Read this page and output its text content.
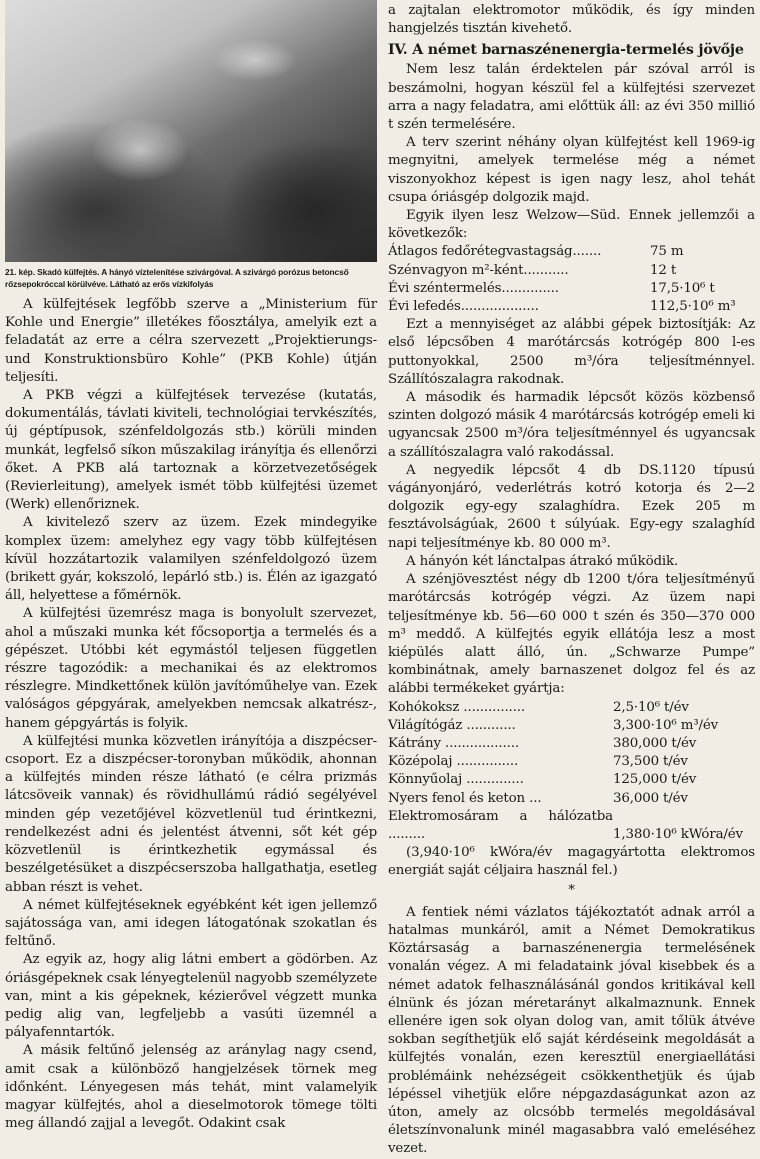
21. kép. Skadó külfejtés. A hányó víztelenítése szivárgóval. A szivárgó porózus betoncső rőzsepokróccal körülvéve. Látható az erős vízkifolyás

A külfejtések legfőbb szerve a „Ministerium für Kohle und Energie” illetékes főosztálya, amelyik ezt a feladatát az erre a célra szervezett „Projektierungs- und Konstruktionsbüro Kohle” (PKB Kohle) útján teljesíti.

A PKB végzi a külfejtések tervezése (kutatás, dokumentálás, távlati kiviteli, technológiai tervkészítés, új géptípusok, szénfeldolgozás stb.) körüli minden munkát, legfelső síkon műszakilag irányítja és ellenőrzi őket. A PKB alá tartoznak a körzetvezetőségek (Revierleitung), amelyek ismét több külfejtési üzemet (Werk) ellenőriznek.

A kivitelező szerv az üzem. Ezek mindegyike komplex üzem: amelyhez egy vagy több külfejtésen kívül hozzátartozik valamilyen szénfeldolgozó üzem (brikett gyár, kokszoló, lepárló stb.) is. Élén az igazgató áll, helyettese a főmérnök.

A külfejtési üzemrész maga is bonyolult szervezet, ahol a műszaki munka két főcsoportja a termelés és a gépészet. Utóbbi két egymástól teljesen független részre tagozódik: a mechanikai és az elektromos részlegre. Mindkettőnek külön javítóműhelye van. Ezek valóságos gépgyárak, amelyekben nemcsak alkatrész-, hanem gépgyártás is folyik.

A külfejtési munka közvetlen irányítója a diszpécser-csoport. Ez a diszpécser-toronyban működik, ahonnan a külfejtés minden része látható (e célra prizmás látcsöveik vannak) és rövidhullámú rádió segélyével minden gép vezetőjével közvetlenül tud érintkezni, rendelkezést adni és jelentést átvenni, sőt két gép közvetlenül is érintkezhetik egymással és beszélgetésüket a diszpécserszoba hallgathatja, esetleg abban részt is vehet.

A német külfejtéseknek egyébként két igen jellemző sajátossága van, ami idegen látogatónak szokatlan és feltűnő.

Az egyik az, hogy alig látni embert a gödörben. Az óriásgépeknek csak lényegtelenül nagyobb személyzete van, mint a kis gépeknek, kézierővel végzett munka pedig alig van, legfeljebb a vasúti üzemnél a pályafenntartók.

A másik feltűnő jelenség az aránylag nagy csend, amit csak a különböző hangjelzések törnek meg időnként. Lényegesen más tehát, mint valamelyik magyar külfejtés, ahol a dieselmotorok tömege tölti meg állandó zajjal a levegőt. Odakint csak

a zajtalan elektromotor működik, és így minden hangjelzés tisztán kivehető.

IV. A német barnaszénenergia-termelés jövője

Nem lesz talán érdektelen pár szóval arról is beszámolni, hogyan készül fel a külfejtési szervezet arra a nagy feladatra, ami előttük áll: az évi 350 millió t szén termelésére.

A terv szerint néhány olyan külfejtést kell 1969-ig megnyitni, amelyek termelése még a német viszonyokhoz képest is igen nagy lesz, ahol tehát csupa óriásgép dolgozik majd.

Egyik ilyen lesz Welzow—Süd. Ennek jellemzői a következők:

Átlagos fedőrétegvastagság.......	75 m
Szénvagyon m²-ként...........	12 t
Évi széntermelés..............	17,5·10⁶ t
Évi lefedés...................	112,5·10⁶ m³

Ezt a mennyiséget az alábbi gépek biztosítják: Az első lépcsőben 4 marótárcsás kotrógép 800 l-es puttonyokkal, 2500 m³/óra teljesítménnyel. Szállítószalagra rakodnak.

A második és harmadik lépcsőt közös közbenső szinten dolgozó másik 4 marótárcsás kotrógép emeli ki ugyancsak 2500 m³/óra teljesítménnyel és ugyancsak a szállítószalagra való rakodással.

A negyedik lépcsőt 4 db DS.1120 típusú vágányonjáró, vederlétrás kotró kotorja és 2—2 dolgozik egy-egy szalaghídra. Ezek 205 m fesztávolságúak, 2600 t súlyúak. Egy-egy szalaghíd napi teljesítménye kb. 80 000 m³.

A hányón két lánctalpas átrakó működik.

A szénjövesztést négy db 1200 t/óra teljesítményű marótárcsás kotrógép végzi. Az üzem napi teljesítménye kb. 56—60 000 t szén és 350—370 000 m³ meddő. A külfejtés egyik ellátója lesz a most kiépülés alatt álló, ún. „Schwarze Pumpe” kombinátnak, amely barnaszenet dolgoz fel és az alábbi termékeket gyártja:

Kohókoksz ...............	2,5·10⁶ t/év
Világítógáz ............	3,300·10⁶ m³/év
Kátrány ..................	380,000 t/év
Középolaj ...............	73,500 t/év
Könnyűolaj ..............	125,000 t/év
Nyers fenol és keton ...	36,000 t/év
Elektromosáram a hálózatba .........	1,380·10⁶ kWóra/év

(3,940·10⁶ kWóra/év magagyártotta elektromos energiát saját céljaira használ fel.)

*

A fentiek némi vázlatos tájékoztatót adnak arról a hatalmas munkáról, amit a Német Demokratikus Köztársaság a barnaszénenergia termelésének vonalán végez. A mi feladataink jóval kisebbek és a német adatok felhasználásánál gondos kritikával kell élnünk és józan méretarányt alkalmaznunk. Ennek ellenére igen sok olyan dolog van, amit tőlük átvéve sokban segíthetjük elő saját kérdéseink megoldását a külfejtés vonalán, ezen keresztül energiaellátási problémáink nehézségeit csökkenthetjük és újab lépéssel vihetjük előre népgazdaságunkat azon az úton, amely az olcsóbb termelés megoldásával életszínvonalunk minél magasabbra való emeléséhez vezet.
